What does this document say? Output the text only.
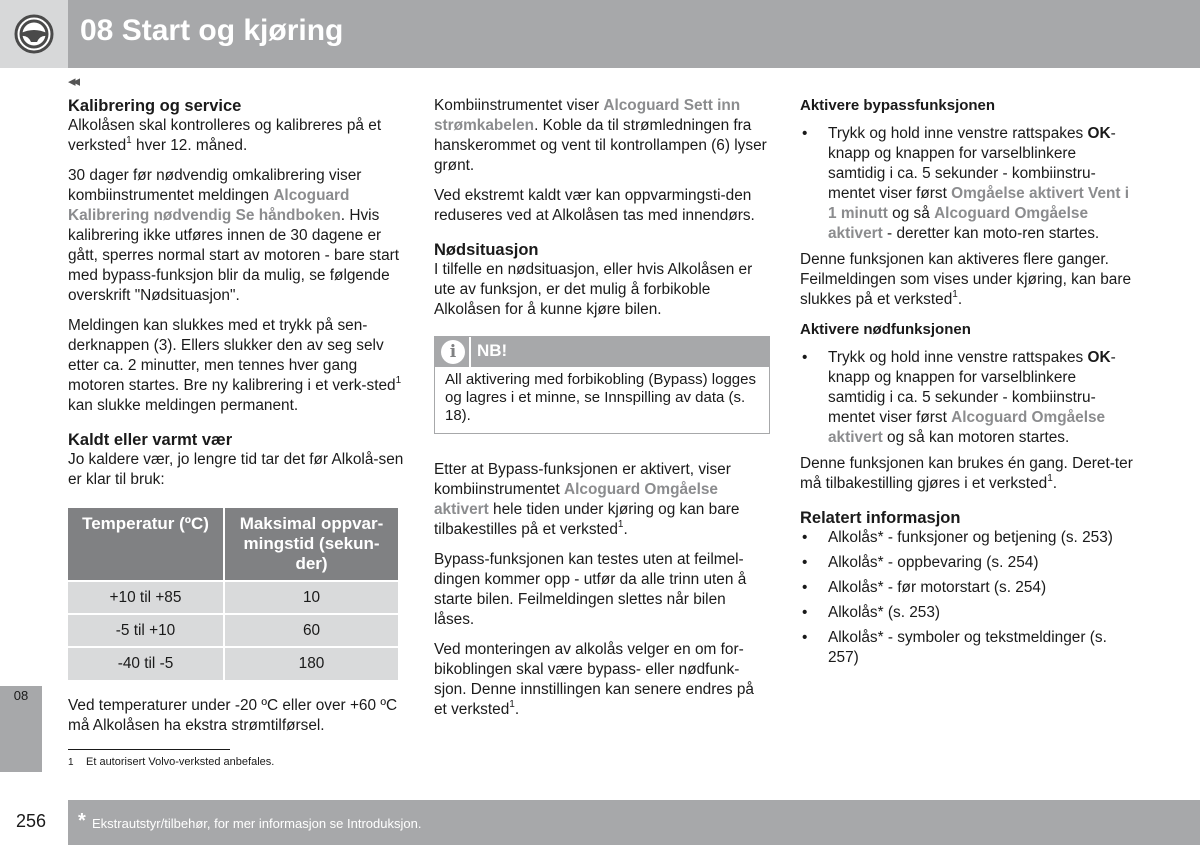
08 Start og kjøring
◂◂
Kalibrering og service

Alkolåsen skal kontrolleres og kalibreres på et verksted$^1$ hver 12. måned.

30 dager før nødvendig omkalibrering viser kombiinstrumentet meldingen Alcoguard Kalibrering nødvendig Se håndboken. Hvis kalibrering ikke utføres innen de 30 dagene er gått, sperres normal start av motoren - bare start med bypass-funksjon blir da mulig, se følgende overskrift "Nødsituasjon".

Meldingen kan slukkes med et trykk på sen-derknappen (3). Ellers slukker den av seg selv etter ca. 2 minutter, men tennes hver gang motoren startes. Bre ny kalibrering i et verk-sted$^1$ kan slukke meldingen permanent.

Kaldt eller varmt vær

Jo kaldere vær, jo lengre tid tar det før Alkolå-sen er klar til bruk:

Temperatur (ºC)	Maksimal oppvar-mingstid (sekun-der)
+10 til +85	10
-5 til +10	60
-40 til -5	180

Ved temperaturer under -20 ºC eller over +60 ºC må Alkolåsen ha ekstra strømtilførsel.

Kombiinstrumentet viser Alcoguard Sett inn strømkabelen. Koble da til strømledningen fra hanskerommet og vent til kontrollampen (6) lyser grønt.

Ved ekstremt kaldt vær kan oppvarmingsti-den reduseres ved at Alkolåsen tas med innendørs.

Nødsituasjon

I tilfelle en nødsituasjon, eller hvis Alkolåsen er ute av funksjon, er det mulig å forbikoble Alkolåsen for å kunne kjøre bilen.

i	NB!
All aktivering med forbikobling (Bypass) logges og lagres i et minne, se Innspilling av data (s. 18).

Etter at Bypass-funksjonen er aktivert, viser kombiinstrumentet Alcoguard Omgåelse aktivert hele tiden under kjøring og kan bare tilbakestilles på et verksted$^1$.

Bypass-funksjonen kan testes uten at feilmel-dingen kommer opp - utfør da alle trinn uten å starte bilen. Feilmeldingen slettes når bilen låses.

Ved monteringen av alkolås velger en om for-bikoblingen skal være bypass- eller nødfunk-sjon. Denne innstillingen kan senere endres på et verksted$^1$.

Aktivere bypassfunksjonen
• Trykk og hold inne venstre rattspakes OK-knapp og knappen for varselblinkere samtidig i ca. 5 sekunder - kombiinstru-mentet viser først Omgåelse aktivert Vent i 1 minutt og så Alcoguard Omgåelse aktivert - deretter kan moto-ren startes.

Denne funksjonen kan aktiveres flere ganger. Feilmeldingen som vises under kjøring, kan bare slukkes på et verksted$^1$.

Aktivere nødfunksjonen
• Trykk og hold inne venstre rattspakes OK-knapp og knappen for varselblinkere samtidig i ca. 5 sekunder - kombiinstru-mentet viser først Alcoguard Omgåelse aktivert og så kan motoren startes.

Denne funksjonen kan brukes én gang. Deret-ter må tilbakestilling gjøres i et verksted$^1$.

Relatert informasjon
• Alkolås* - funksjoner og betjening (s. 253)
• Alkolås* - oppbevaring (s. 254)
• Alkolås* - før motorstart (s. 254)
• Alkolås* (s. 253)
• Alkolås* - symboler og tekstmeldinger (s. 257)
08
1 Et autorisert Volvo-verksted anbefales.
256 * Ekstrautstyr/tilbehør, for mer informasjon se Introduksjon.
